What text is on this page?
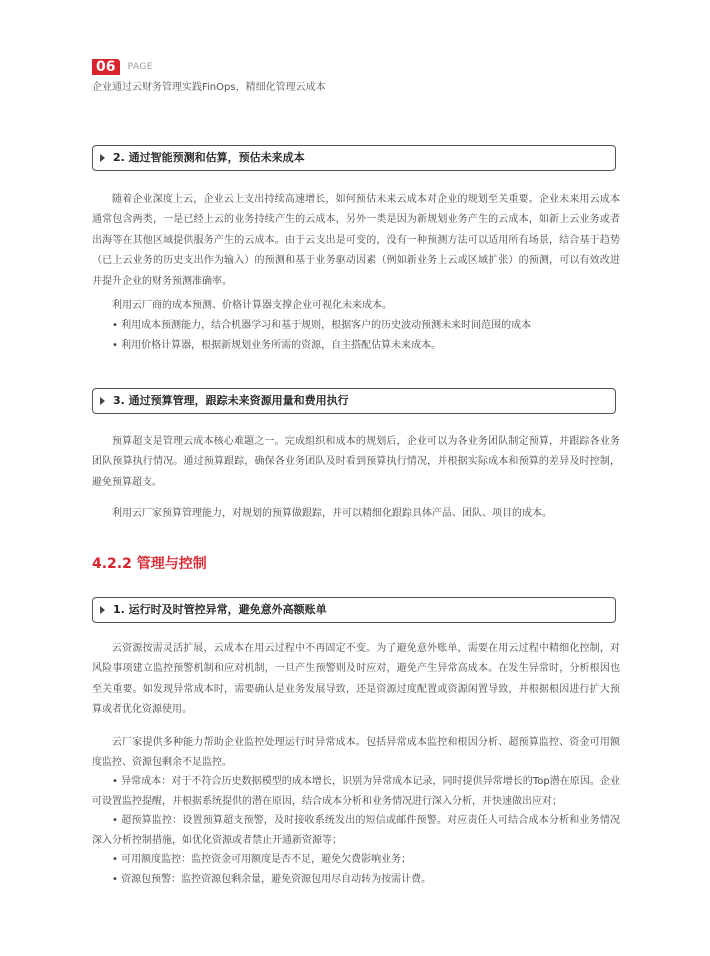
06 PAGE
企业通过云财务管理实践FinOps，精细化管理云成本
2. 通过智能预测和估算，预估未来成本

随着企业深度上云，企业云上支出持续高速增长，如何预估未来云成本对企业的规划至关重要。企业未来用云成本通常包含两类，一是已经上云的业务持续产生的云成本，另外一类是因为新规划业务产生的云成本，如新上云业务或者出海等在其他区域提供服务产生的云成本。由于云支出是可变的，没有一种预测方法可以适用所有场景，结合基于趋势（已上云业务的历史支出作为输入）的预测和基于业务驱动因素（例如新业务上云或区域扩张）的预测，可以有效改进并提升企业的财务预测准确率。

利用云厂商的成本预测、价格计算器支撑企业可视化未来成本。

• 利用成本预测能力，结合机器学习和基于规则，根据客户的历史波动预测未来时间范围的成本

• 利用价格计算器，根据新规划业务所需的资源，自主搭配估算未来成本。

3. 通过预算管理，跟踪未来资源用量和费用执行

预算超支是管理云成本核心难题之一。完成组织和成本的规划后，企业可以为各业务团队制定预算，并跟踪各业务团队预算执行情况。通过预算跟踪，确保各业务团队及时看到预算执行情况，并根据实际成本和预算的差异及时控制，避免预算超支。

利用云厂家预算管理能力，对规划的预算做跟踪，并可以精细化跟踪具体产品、团队、项目的成本。

4.2.2 管理与控制
1. 运行时及时管控异常，避免意外高额账单

云资源按需灵活扩展，云成本在用云过程中不再固定不变。为了避免意外账单，需要在用云过程中精细化控制，对风险事项建立监控预警机制和应对机制，一旦产生预警则及时应对，避免产生异常高成本。在发生异常时，分析根因也至关重要。如发现异常成本时，需要确认是业务发展导致，还是资源过度配置或资源闲置导致，并根据根因进行扩大预算或者优化资源使用。

云厂家提供多种能力帮助企业监控处理运行时异常成本。包括异常成本监控和根因分析、超预算监控、资金可用额度监控、资源包剩余不足监控。

• 异常成本：对于不符合历史数据模型的成本增长，识别为异常成本记录，同时提供异常增长的Top潜在原因。企业可设置监控提醒，并根据系统提供的潜在原因，结合成本分析和业务情况进行深入分析，并快速做出应对；

• 超预算监控：设置预算超支预警，及时接收系统发出的短信或邮件预警。对应责任人可结合成本分析和业务情况深入分析控制措施，如优化资源或者禁止开通新资源等；

• 可用额度监控：监控资金可用额度是否不足，避免欠费影响业务；

• 资源包预警：监控资源包剩余量，避免资源包用尽自动转为按需计费。
